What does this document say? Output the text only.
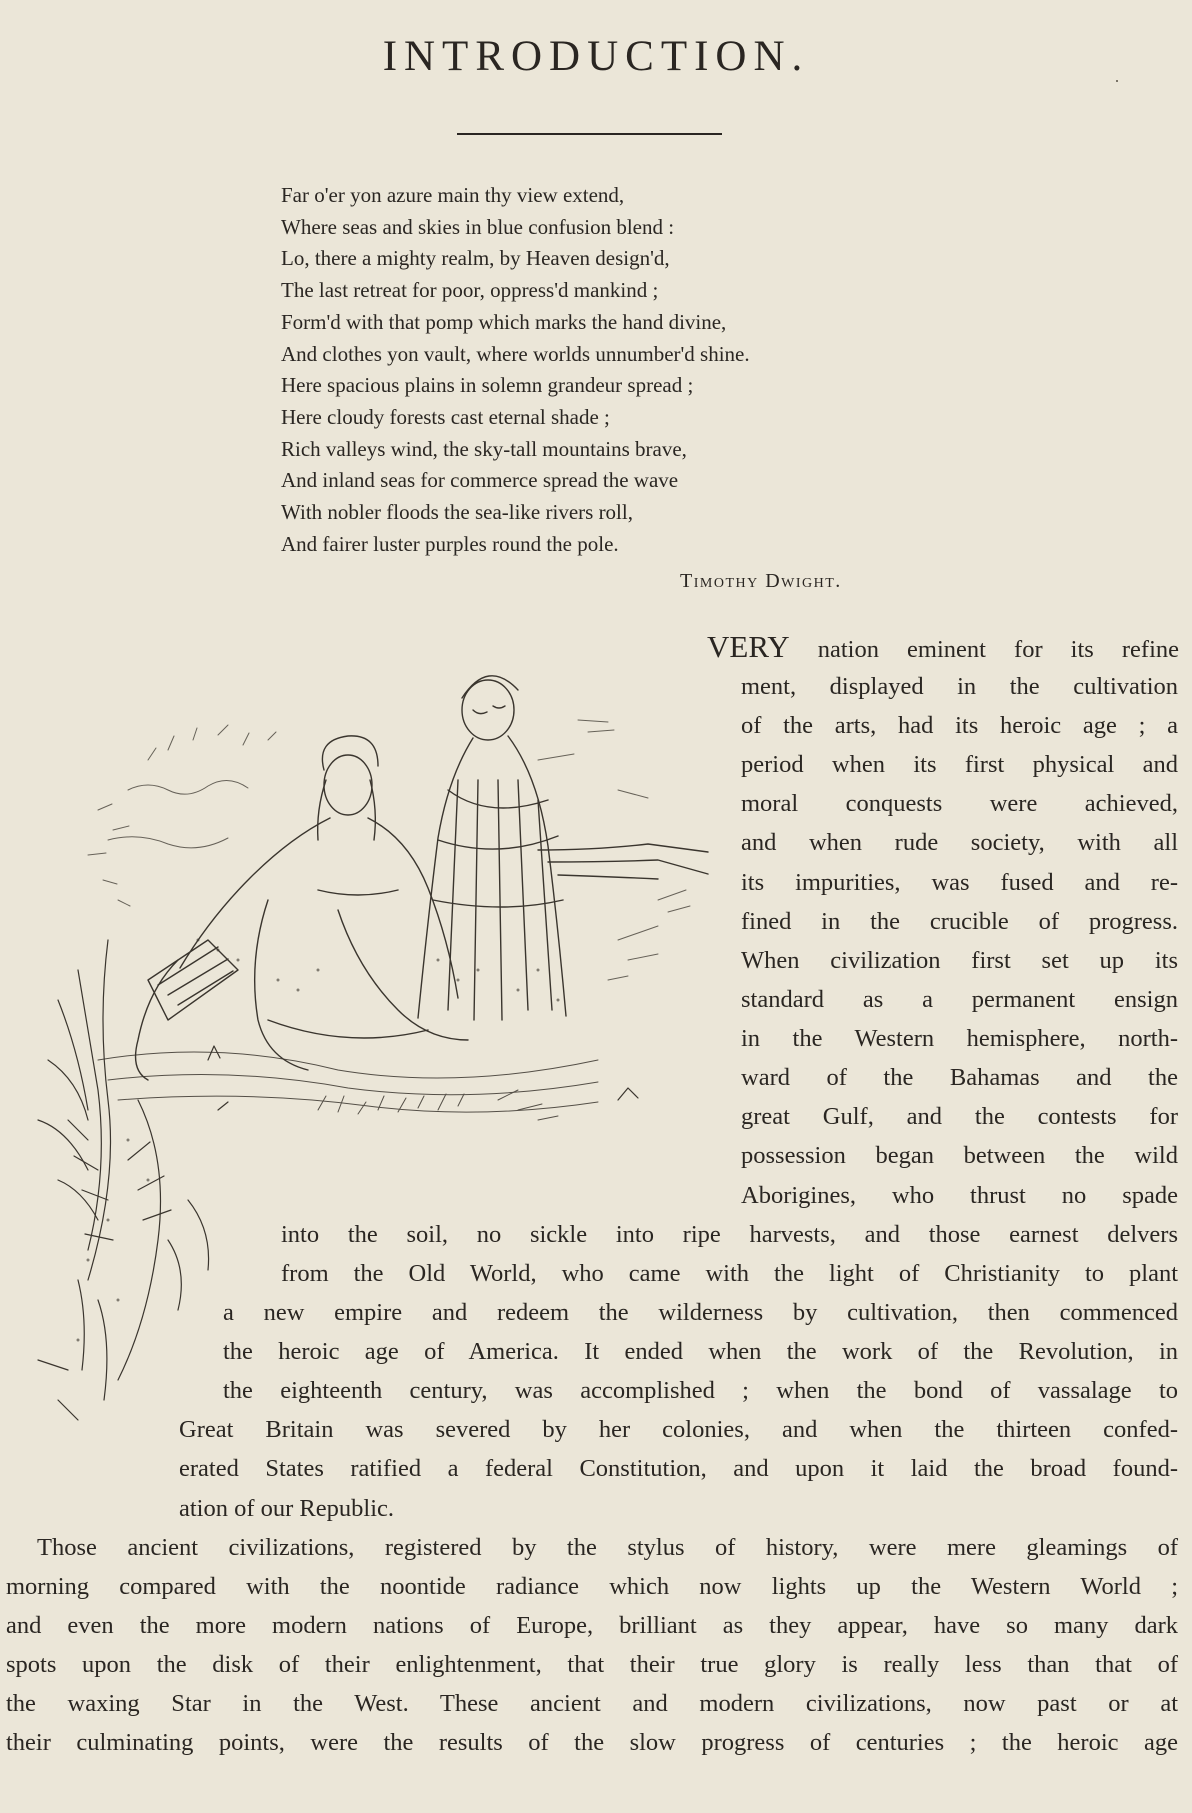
INTRODUCTION.
Far o'er yon azure main thy view extend,
Where seas and skies in blue confusion blend :
Lo, there a mighty realm, by Heaven design'd,
The last retreat for poor, oppress'd mankind ;
Form'd with that pomp which marks the hand divine,
And clothes yon vault, where worlds unnumber'd shine.
Here spacious plains in solemn grandeur spread ;
Here cloudy forests cast eternal shade ;
Rich valleys wind, the sky-tall mountains brave,
And inland seas for commerce spread the wave
With nobler floods the sea-like rivers roll,
And fairer luster purples round the pole.
Timothy Dwight.
VERY nation eminent for its refine
ment, displayed in the cultivation
of the arts, had its heroic age ; a
period when its first physical and
moral conquests were achieved,
and when rude society, with all
its impurities, was fused and re-
fined in the crucible of progress.
When civilization first set up its
standard as a permanent ensign
in the Western hemisphere, north-
ward of the Bahamas and the
great Gulf, and the contests for
possession began between the wild
Aborigines, who thrust no spade
into the soil, no sickle into ripe harvests, and those earnest delvers
from the Old World, who came with the light of Christianity to plant
a new empire and redeem the wilderness by cultivation, then commenced
the heroic age of America. It ended when the work of the Revolution, in
the eighteenth century, was accomplished ; when the bond of vassalage to
Great Britain was severed by her colonies, and when the thirteen confed-
erated States ratified a federal Constitution, and upon it laid the broad found-
ation of our Republic.
Those ancient civilizations, registered by the stylus of history, were mere gleamings of
morning compared with the noontide radiance which now lights up the Western World ;
and even the more modern nations of Europe, brilliant as they appear, have so many dark
spots upon the disk of their enlightenment, that their true glory is really less than that of
the waxing Star in the West. These ancient and modern civilizations, now past or at
their culminating points, were the results of the slow progress of centuries ; the heroic age
